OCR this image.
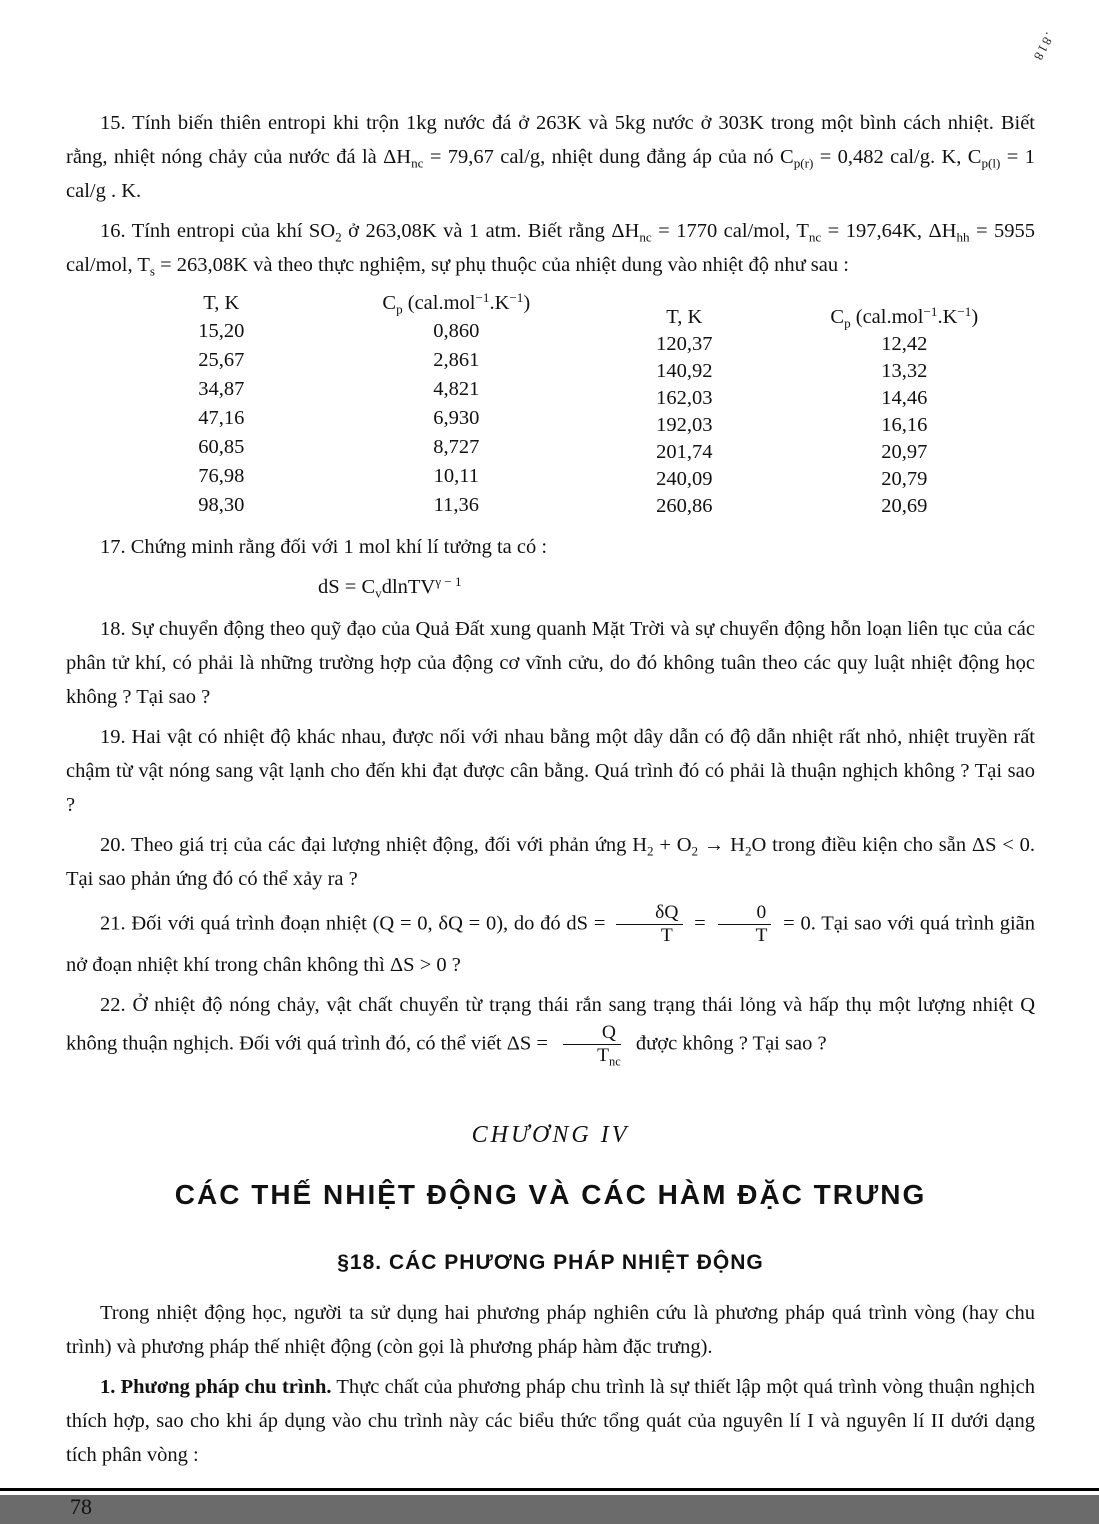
.818

15. Tính biến thiên entropi khi trộn 1kg nước đá ở 263K và 5kg nước ở 303K trong một bình cách nhiệt. Biết rằng, nhiệt nóng chảy của nước đá là $\Delta H_{nc} = 79,67$ cal/g, nhiệt dung đẳng áp của nó $C_{p(r)} = 0,482$ cal/g. K, $C_{p(l)} = 1$ cal/g . K.

16. Tính entropi của khí $SO_2$ ở 263,08K và 1 atm. Biết rằng $\Delta H_{nc} = 1770$ cal/mol, $T_{nc} = 197,64K$, $\Delta H_{hh} = 5955$ cal/mol, $T_s = 263,08K$ và theo thực nghiệm, sự phụ thuộc của nhiệt dung vào nhiệt độ như sau :

T, K	$C_p$ $(cal.mol^{-1}.K^{-1})$
15,20	0,860
25,67	2,861
34,87	4,821
47,16	6,930
60,85	8,727
76,98	10,11
98,30	11,36
T, K	$C_p$ $(cal.mol^{-1}.K^{-1})$
120,37	12,42
140,92	13,32
162,03	14,46
192,03	16,16
201,74	20,97
240,09	20,79
260,86	20,69

17. Chứng minh rằng đối với 1 mol khí lí tưởng ta có :

dS = $C_vdlnTV^{\gamma - 1}$

18. Sự chuyển động theo quỹ đạo của Quả Đất xung quanh Mặt Trời và sự chuyển động hỗn loạn liên tục của các phân tử khí, có phải là những trường hợp của động cơ vĩnh cửu, do đó không tuân theo các quy luật nhiệt động học không ? Tại sao ?

19. Hai vật có nhiệt độ khác nhau, được nối với nhau bằng một dây dẫn có độ dẫn nhiệt rất nhỏ, nhiệt truyền rất chậm từ vật nóng sang vật lạnh cho đến khi đạt được cân bằng. Quá trình đó có phải là thuận nghịch không ? Tại sao ?

20. Theo giá trị của các đại lượng nhiệt động, đối với phản ứng $H_2 + O_2 \to H_2O$ trong điều kiện cho sẵn ΔS < 0. Tại sao phản ứng đó có thể xảy ra ?

21. Đối với quá trình đoạn nhiệt (Q = 0, δQ = 0), do đó dS = $\frac{\delta Q}{T} = \frac{0}{T} = 0$. Tại sao với quá trình giãn nở đoạn nhiệt khí trong chân không thì ΔS > 0 ?

22. Ở nhiệt độ nóng chảy, vật chất chuyển từ trạng thái rắn sang trạng thái lỏng và hấp thụ một lượng nhiệt Q không thuận nghịch. Đối với quá trình đó, có thể viết $\Delta S = \frac{Q}{T_{nc}}$ được không ? Tại sao ?

CHƯƠNG IV

CÁC THẾ NHIỆT ĐỘNG VÀ CÁC HÀM ĐẶC TRƯNG

§18. CÁC PHƯƠNG PHÁP NHIỆT ĐỘNG

Trong nhiệt động học, người ta sử dụng hai phương pháp nghiên cứu là phương pháp quá trình vòng (hay chu trình) và phương pháp thế nhiệt động (còn gọi là phương pháp hàm đặc trưng).

1. Phương pháp chu trình. Thực chất của phương pháp chu trình là sự thiết lập một quá trình vòng thuận nghịch thích hợp, sao cho khi áp dụng vào chu trình này các biểu thức tổng quát của nguyên lí I và nguyên lí II dưới dạng tích phân vòng :

78
